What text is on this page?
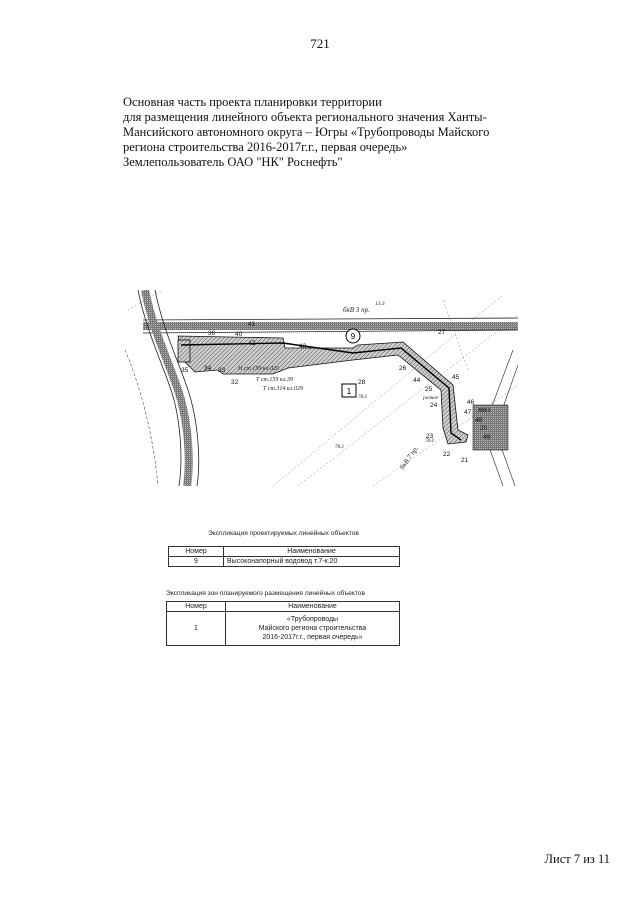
721
Основная часть проекта планировки территории
для размещения линейного объекта регионального значения Ханты-
Мансийского автономного округа – Югры «Трубопроводы Майского
региона строительства 2016-2017г.г., первая очередь»
Землепользователь ОАО "НК" Роснефть"
9
1
ВМА
бкВ 3 пр.
13.3
Т ст.159 кл.39
Т ст.314 кл.029
Н ст.159 кл.020
разное
бкВ 7 пр.
78.4
78.3
78.4
30	40
41
42	43
33
34
32
35	26
28	44
25
45
24
47
46
48
20
23
22
21
49
27
Экспликация проектируемых линейных объектов
Номер	Наименование
9	Высоконапорный водовод т.7-к.20
Экспликация зон планируемого размещения линейных объектов
Номер	Наименование
1	«Трубопроводы
Майского региона строительства
2016-2017г.г., первая очередь»
Лист 7 из 11
